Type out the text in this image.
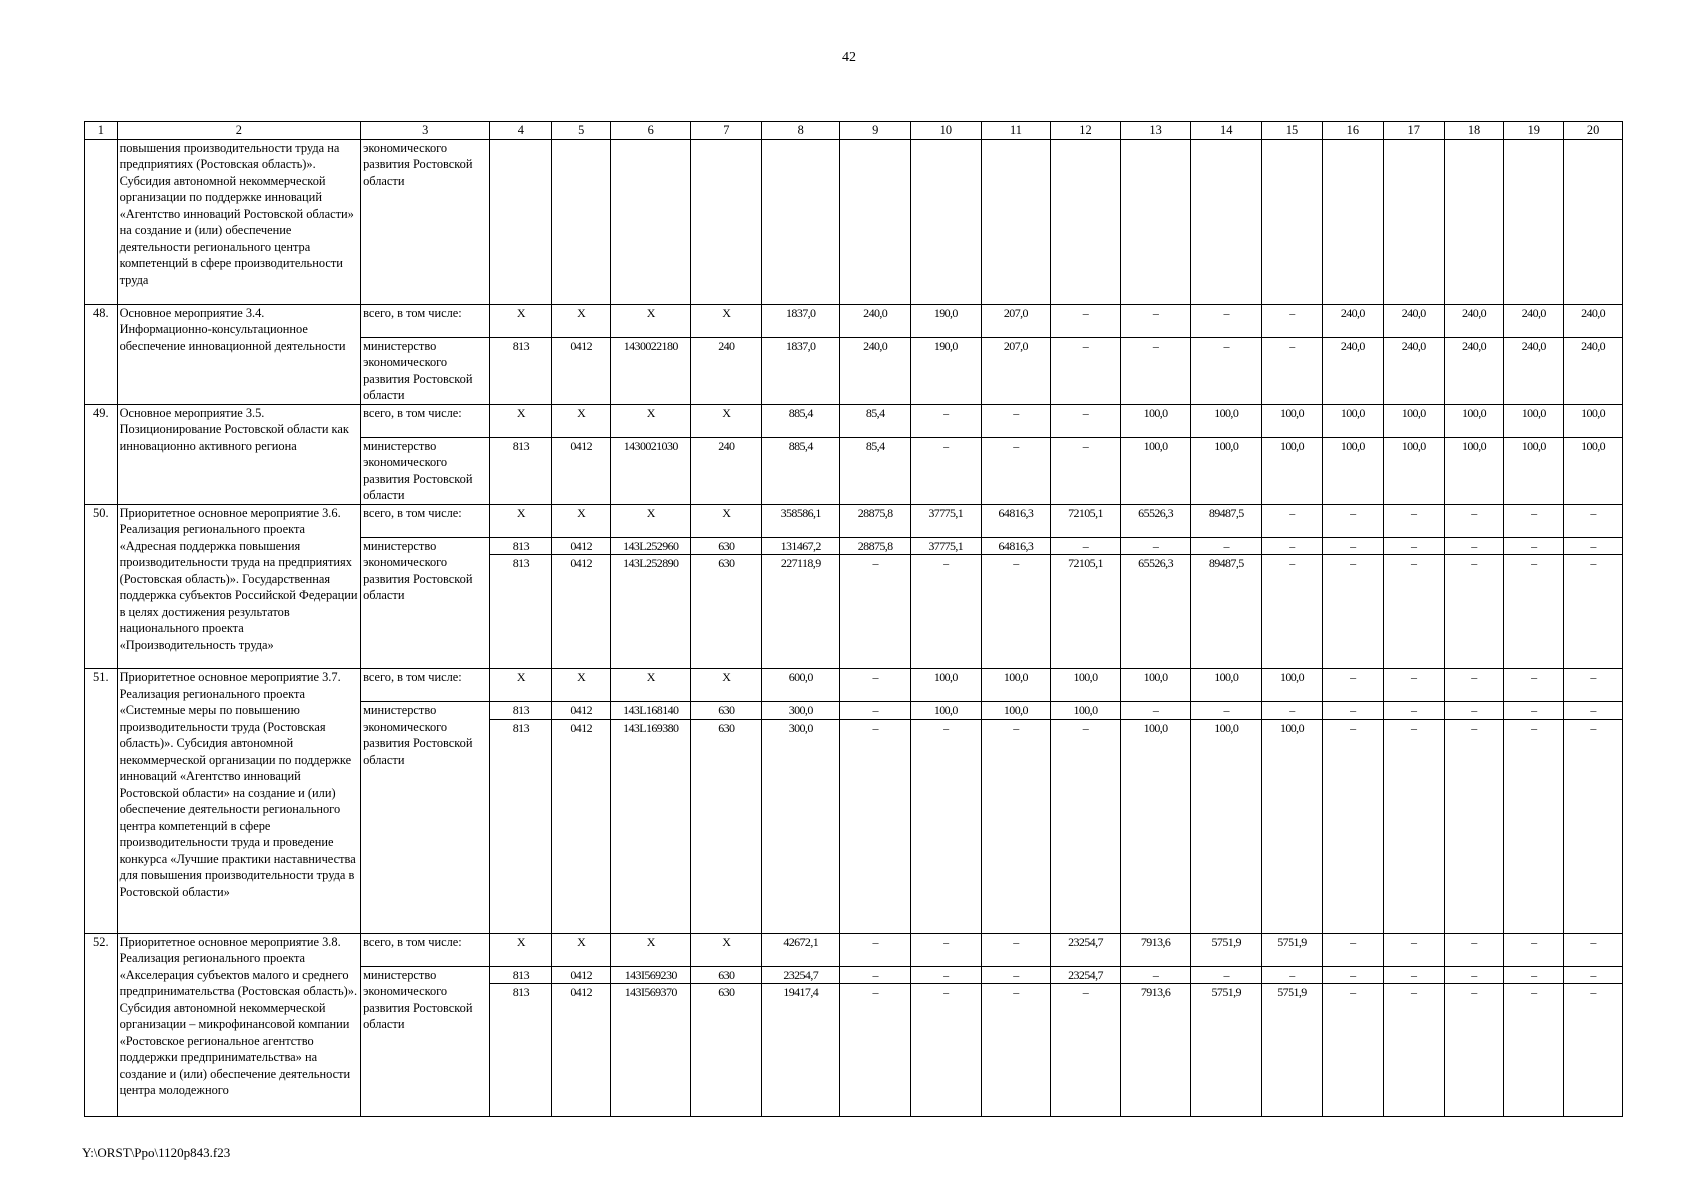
42
1	2	3	4	5	6	7	8	9	10	11	12	13	14	15	16	17	18	19	20
	повышения производительности труда на предприятиях (Ростовская область)». Субсидия автономной некоммерческой организации по поддержке инноваций «Агентство инноваций Ростовской области» на создание и (или) обеспечение деятельности регионального центра компетенций в сфере производительности труда	экономического развития Ростовской области																	
48.	Основное мероприятие 3.4. Информационно-консультационное обеспечение инновационной деятельности	всего, в том числе:	X	X	X	X	1837,0	240,0	190,0	207,0	–	–	–	–	240,0	240,0	240,0	240,0	240,0
		министерство экономического развития Ростовской области	813	0412	1430022180	240	1837,0	240,0	190,0	207,0	–	–	–	–	240,0	240,0	240,0	240,0	240,0
49.	Основное мероприятие 3.5. Позиционирование Ростовской области как инновационно активного региона	всего, в том числе:	X	X	X	X	885,4	85,4	–	–	–	100,0	100,0	100,0	100,0	100,0	100,0	100,0	100,0
		министерство экономического развития Ростовской области	813	0412	1430021030	240	885,4	85,4	–	–	–	100,0	100,0	100,0	100,0	100,0	100,0	100,0	100,0
50.	Приоритетное основное мероприятие 3.6. Реализация регионального проекта «Адресная поддержка повышения производительности труда на предприятиях (Ростовская область)». Государственная поддержка субъектов Российской Федерации в целях достижения результатов национального проекта «Производительность труда»	всего, в том числе:	X	X	X	X	358586,1	28875,8	37775,1	64816,3	72105,1	65526,3	89487,5	–	–	–	–	–	–
		министерство экономического развития Ростовской области	813	0412	143L252960	630	131467,2	28875,8	37775,1	64816,3	–	–	–	–	–	–	–	–	–
			813	0412	143L252890	630	227118,9	–	–	–	72105,1	65526,3	89487,5	–	–	–	–	–	–
51.	Приоритетное основное мероприятие 3.7. Реализация регионального проекта «Системные меры по повышению производительности труда (Ростовская область)». Субсидия автономной некоммерческой организации по поддержке инноваций «Агентство инноваций Ростовской области» на создание и (или) обеспечение деятельности регионального центра компетенций в сфере производительности труда и проведение конкурса «Лучшие практики наставничества для повышения производительности труда в Ростовской области»	всего, в том числе:	X	X	X	X	600,0	–	100,0	100,0	100,0	100,0	100,0	100,0	–	–	–	–	–
		министерство экономического развития Ростовской области	813	0412	143L168140	630	300,0	–	100,0	100,0	100,0	–	–	–	–	–	–	–	–
			813	0412	143L169380	630	300,0	–	–	–	–	100,0	100,0	100,0	–	–	–	–	–
52.	Приоритетное основное мероприятие 3.8. Реализация регионального проекта «Акселерация субъектов малого и среднего предпринимательства (Ростовская область)». Субсидия автономной некоммерческой организации – микрофинансовой компании «Ростовское региональное агентство поддержки предпринимательства» на создание и (или) обеспечение деятельности центра молодежного	всего, в том числе:	X	X	X	X	42672,1	–	–	–	23254,7	7913,6	5751,9	5751,9	–	–	–	–	–
		министерство экономического развития Ростовской области	813	0412	143I569230	630	23254,7	–	–	–	23254,7	–	–	–	–	–	–	–	–
			813	0412	143I569370	630	19417,4	–	–	–	–	7913,6	5751,9	5751,9	–	–	–	–	–
Y:\ORST\Ppo\1120p843.f23
